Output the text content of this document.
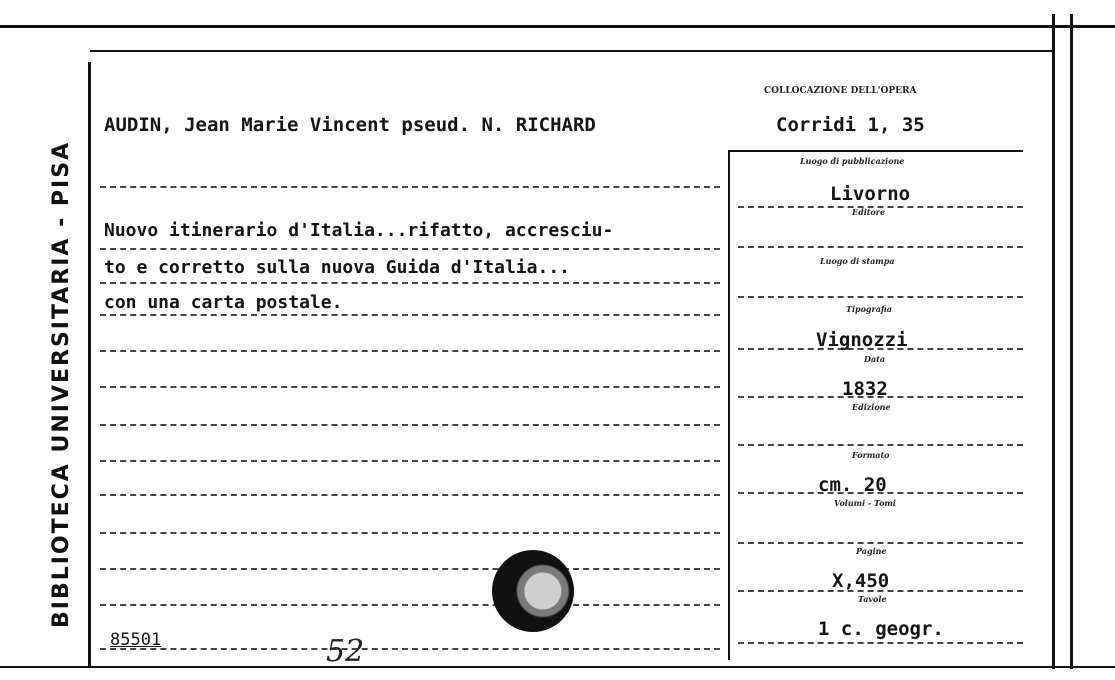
BIBLIOTECA UNIVERSITARIA - PISA
AUDIN, Jean Marie Vincent pseud. N. RICHARD
COLLOCAZIONE DELL'OPERA
Corridi 1, 35
Nuovo itinerario d'Italia...rifatto, accresciu-
to e corretto sulla nuova Guida d'Italia...
con una carta postale.
Luogo di pubblicazione
Livorno
Editore
Luogo di stampa
Tipografia
Vignozzi
Data
1832
Edizione
Formato
cm. 20
Volumi - Tomi
Pagine
X,450
Tavole
1 c. geogr.
85501	52
